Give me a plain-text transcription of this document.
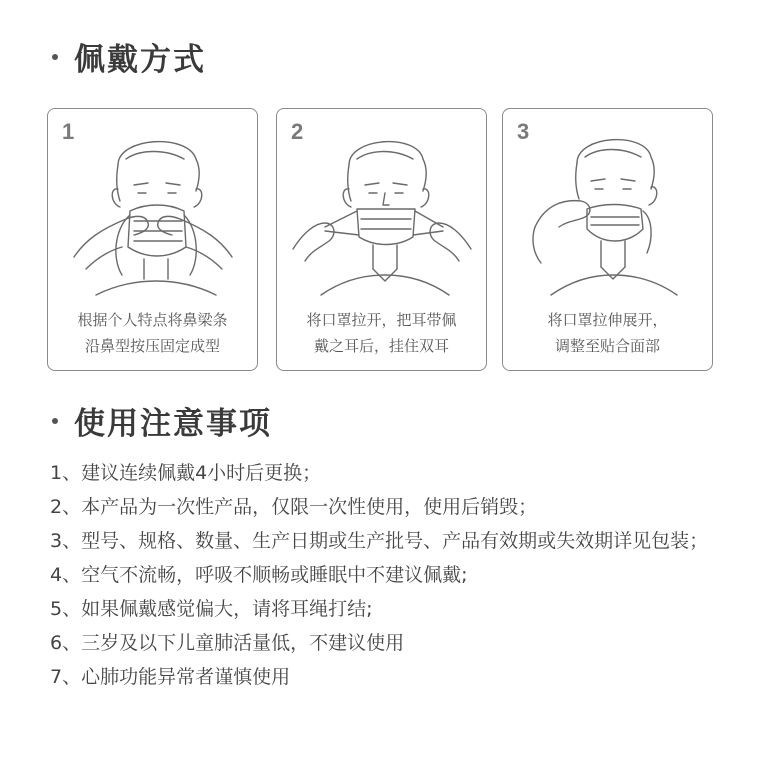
佩戴方式
1
根据个人特点将鼻梁条
沿鼻型按压固定成型
2
将口罩拉开，把耳带佩
戴之耳后，挂住双耳
3
将口罩拉伸展开，
调整至贴合面部
使用注意事项
1、建议连续佩戴4小时后更换；
2、本产品为一次性产品，仅限一次性使用，使用后销毁；
3、型号、规格、数量、生产日期或生产批号、产品有效期或失效期详见包装；
4、空气不流畅，呼吸不顺畅或睡眠中不建议佩戴;
5、如果佩戴感觉偏大，请将耳绳打结;
6、三岁及以下儿童肺活量低，不建议使用
7、心肺功能异常者谨慎使用
